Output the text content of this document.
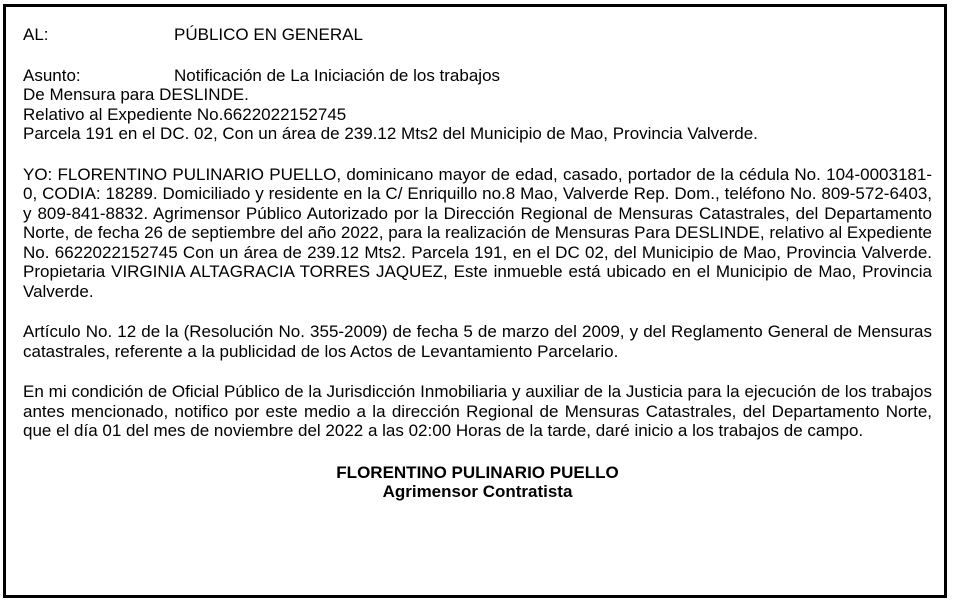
AL:	PÚBLICO EN GENERAL
Asunto:	Notificación de La Iniciación de los trabajos
De Mensura para DESLINDE.
Relativo al Expediente No.6622022152745
Parcela 191 en el DC. 02, Con un área de 239.12 Mts2 del Municipio de Mao, Provincia Valverde.
YO: FLORENTINO PULINARIO PUELLO, dominicano mayor de edad, casado, portador de la cédula No. 104-0003181-0, CODIA: 18289. Domiciliado y residente en la C/ Enriquillo no.8 Mao, Valverde Rep. Dom., teléfono No. 809-572-6403, y 809-841-8832. Agrimensor Público Autorizado por la Dirección Regional de Mensuras Catastrales, del Departamento Norte, de fecha 26 de septiembre del año 2022, para la realización de Mensuras Para DESLINDE, relativo al Expediente No. 6622022152745 Con un área de 239.12 Mts2. Parcela 191, en el DC 02, del Municipio de Mao, Provincia Valverde. Propietaria VIRGINIA ALTAGRACIA TORRES JAQUEZ, Este inmueble está ubicado en el Municipio de Mao, Provincia Valverde.
Artículo No. 12 de la (Resolución No. 355-2009) de fecha 5 de marzo del 2009, y del Reglamento General de Mensuras catastrales, referente a la publicidad de los Actos de Levantamiento Parcelario.
En mi condición de Oficial Público de la Jurisdicción Inmobiliaria y auxiliar de la Justicia para la ejecución de los trabajos antes mencionado, notifico por este medio a la dirección Regional de Mensuras Catastrales, del Departamento Norte, que el día 01 del mes de noviembre del 2022 a las 02:00 Horas de la tarde, daré inicio a los trabajos de campo.
FLORENTINO PULINARIO PUELLO
Agrimensor Contratista
